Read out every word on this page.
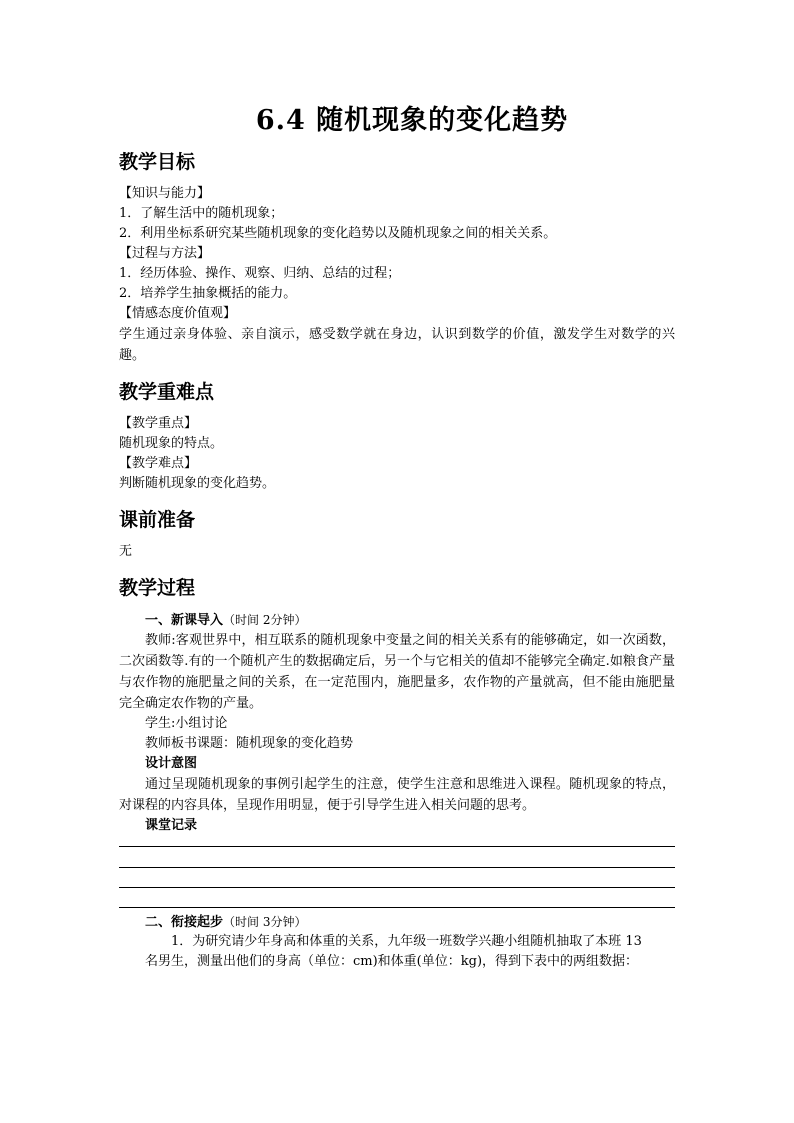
6.4 随机现象的变化趋势
教学目标
【知识与能力】
1．了解生活中的随机现象；
2．利用坐标系研究某些随机现象的变化趋势以及随机现象之间的相关关系。
【过程与方法】
1．经历体验、操作、观察、归纳、总结的过程；
2．培养学生抽象概括的能力。
【情感态度价值观】
学生通过亲身体验、亲自演示，感受数学就在身边，认识到数学的价值，激发学生对数学的兴趣。
教学重难点
【教学重点】
随机现象的特点。
【教学难点】
判断随机现象的变化趋势。
课前准备
无
教学过程
一、新课导入（时间 2分钟）
教师:客观世界中，相互联系的随机现象中变量之间的相关关系有的能够确定，如一次函数，二次函数等.有的一个随机产生的数据确定后，另一个与它相关的值却不能够完全确定.如粮食产量与农作物的施肥量之间的关系，在一定范围内，施肥量多，农作物的产量就高，但不能由施肥量完全确定农作物的产量。
学生:小组讨论
教师板书课题：随机现象的变化趋势
设计意图
通过呈现随机现象的事例引起学生的注意，使学生注意和思维进入课程。随机现象的特点，对课程的内容具体，呈现作用明显，便于引导学生进入相关问题的思考。
课堂记录
二、衔接起步（时间 3分钟）
1．为研究请少年身高和体重的关系，九年级一班数学兴趣小组随机抽取了本班 13
名男生，测量出他们的身高（单位：cm)和体重(单位：kg)，得到下表中的两组数据：
